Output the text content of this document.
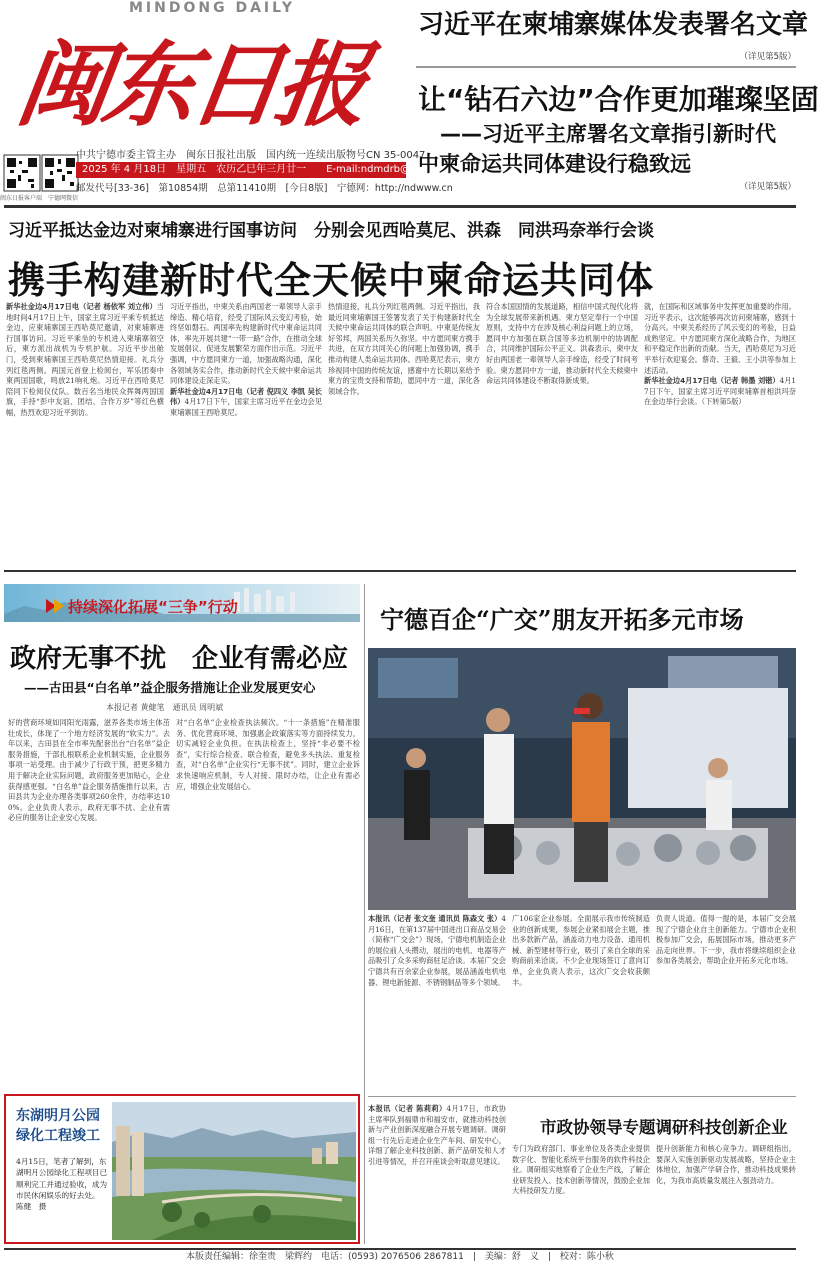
MINDONG DAILY
闽东日报
闽东日报客户端　宁德网微信
中共宁德市委主管主办　闽东日报社出版　国内统一连续出版物号CN 35-0047
2025 年 4 月18日　星期五　农历乙巳年三月廿一　　E-mail:ndmdrb@163.com
邮发代号[33-36]　第10854期　总第11410期　[今日8版]　宁德网：http://ndwww.cn
习近平在柬埔寨媒体发表署名文章
（详见第5版）
让“钻石六边”合作更加璀璨坚固
——习近平主席署名文章指引新时代
中柬命运共同体建设行稳致远
（详见第5版）
习近平抵达金边对柬埔寨进行国事访问　分别会见西哈莫尼、洪森　同洪玛奈举行会谈
携手构建新时代全天候中柬命运共同体
新华社金边4月17日电（记者 杨依军 刘立伟）当地时间4月17日上午，国家主席习近平乘专机抵达金边，应柬埔寨国王西哈莫尼邀请，对柬埔寨进行国事访问。习近平乘坐的专机进入柬埔寨领空后，柬方派出战机为专机护航。习近平步出舱门，受到柬埔寨国王西哈莫尼热情迎接。礼兵分列红毯两侧。两国元首登上检阅台，军乐团奏中柬两国国歌，鸣放21响礼炮。习近平在西哈莫尼陪同下检阅仪仗队。数百名当地民众挥舞两国国旗，手持“彭中友谊、团结、合作万岁”等红色横幅，热烈欢迎习近平到访。
习近平指出，中柬关系由两国老一辈领导人亲手缔造、精心培育，经受了国际风云变幻考验，始终坚如磐石。两国率先构建新时代中柬命运共同体，率先开展共建“一带一路”合作，在推动全球发展倡议、促进发展繁荣方面作出示范。习近平强调，中方愿同柬方一道，加强战略沟通，深化各领域务实合作，推动新时代全天候中柬命运共同体建设走深走实。
新华社金边4月17日电（记者 倪四义 李凯 吴长伟）4月17日下午，国家主席习近平在金边会见柬埔寨国王西哈莫尼。
热情迎接，礼兵分列红毯两侧。习近平指出，我最近同柬埔寨国王签署发表了关于构建新时代全天候中柬命运共同体的联合声明。中柬是传统友好邻邦，两国关系历久弥坚。中方愿同柬方携手共进，在双方共同关心的问题上加强协调，携手推动构建人类命运共同体。西哈莫尼表示，柬方珍视同中国的传统友谊，感谢中方长期以来给予柬方的宝贵支持和帮助，愿同中方一道，深化各领域合作。
符合本国国情的发展道路，相信中国式现代化将为全球发展带来新机遇。柬方坚定奉行一个中国原则，支持中方在涉及核心利益问题上的立场，愿同中方加强在联合国等多边机制中的协调配合，共同维护国际公平正义。洪森表示，柬中友好由两国老一辈领导人亲手缔造，经受了时间考验。柬方愿同中方一道，推动新时代全天候柬中命运共同体建设不断取得新成果。
就，在国际和区域事务中发挥更加重要的作用。习近平表示，这次能够再次访问柬埔寨，感到十分高兴。中柬关系经历了风云变幻的考验，日益成熟坚定。中方愿同柬方深化战略合作，为地区和平稳定作出新的贡献。当天，西哈莫尼为习近平举行欢迎宴会。蔡奇、王毅、王小洪等参加上述活动。
新华社金边4月17日电（记者 韩墨 刘锴）4月17日下午，国家主席习近平同柬埔寨首相洪玛奈在金边举行会谈。（下转第5版）
持续深化拓展“三争”行动
政府无事不扰　企业有需必应
——古田县“白名单”益企服务措施让企业发展更安心
本报记者 黄健笔　通讯员 周明斌
好的营商环境如同阳光雨露，滋养各类市场主体茁壮成长，体现了一个地方经济发展的“软实力”。去年以来，古田县在全市率先配套出台“白名单”益企服务措施，干部扎根联系企业机制实施，企业服务事项一站受理。由于减少了行政干预，把更多精力用于解决企业实际问题，政府服务更加贴心，企业获得感更强。“白名单”益企服务措施推行以来，古田县共为企业办理各类事项260余件，办结率达100%。企业负责人表示，政府无事不扰、企业有需必应的服务让企业安心发展。
对“白名单”企业检查执法频次。“十一条措施”在精准服务、优化营商环境、加强惠企政策落实等方面持续发力，切实减轻企业负担。在执法检查上，坚持“非必要不检查”，实行综合检查、联合检查，避免多头执法、重复检查，对“白名单”企业实行“无事不扰”。同时，建立企业诉求快速响应机制，专人对接、限时办结，让企业有需必应，增强企业发展信心。
东湖明月公园绿化工程竣工
4月15日，笔者了解到，东湖明月公园绿化工程项目已顺利完工并通过验收，成为市民休闲娱乐的好去处。　陈健　摄
宁德百企“广交”朋友开拓多元市场
本报讯（记者 张文奎 通讯员 陈森文 张）4月16日，在第137届中国进出口商品交易会（简称“广交会”）现场，宁德电机制造企业的展位前人头攒动，展出的电机、电器等产品吸引了众多采购商驻足洽谈。本届广交会宁德共有百余家企业参展，展品涵盖电机电器、锂电新能源、不锈钢制品等多个领域。
广106家企业参展。全面展示我市传统制造业的创新成果，参展企业紧扣展会主题，推出多款新产品，涵盖动力电力设备、通用机械、新型建材等行业，吸引了来自全球的采购商前来洽谈。不少企业现场签订了意向订单，企业负责人表示，这次广交会收获颇丰。
负责人说道。值得一提的是，本届广交会展现了宁德企业自主创新能力。宁德市企业积极参加广交会，拓展国际市场，推动更多产品走向世界。下一步，我市将继续组织企业参加各类展会，帮助企业开拓多元化市场。
市政协领导专题调研科技创新企业
本报讯（记者 陈莉莉）4月17日，市政协主席率队到福鼎市和福安市，就推动科技创新与产业创新深度融合开展专题调研。调研组一行先后走进企业生产车间、研发中心，详细了解企业科技创新、新产品研发和人才引进等情况，并召开座谈会听取意见建议。
专门为政府部门、事业单位及各类企业提供数字化、智能化系统平台服务的软件科技企业。调研组实地察看了企业生产线，了解企业研发投入、技术创新等情况，鼓励企业加大科技研发力度。
提升创新能力和核心竞争力。调研组指出，要深入实施创新驱动发展战略，坚持企业主体地位，加强产学研合作，推动科技成果转化，为我市高质量发展注入强劲动力。
本版责任编辑：徐奎贵　梁辉约　电话：(0593) 2076506 2867811　|　美编：舒　义　|　校对：陈小秋
